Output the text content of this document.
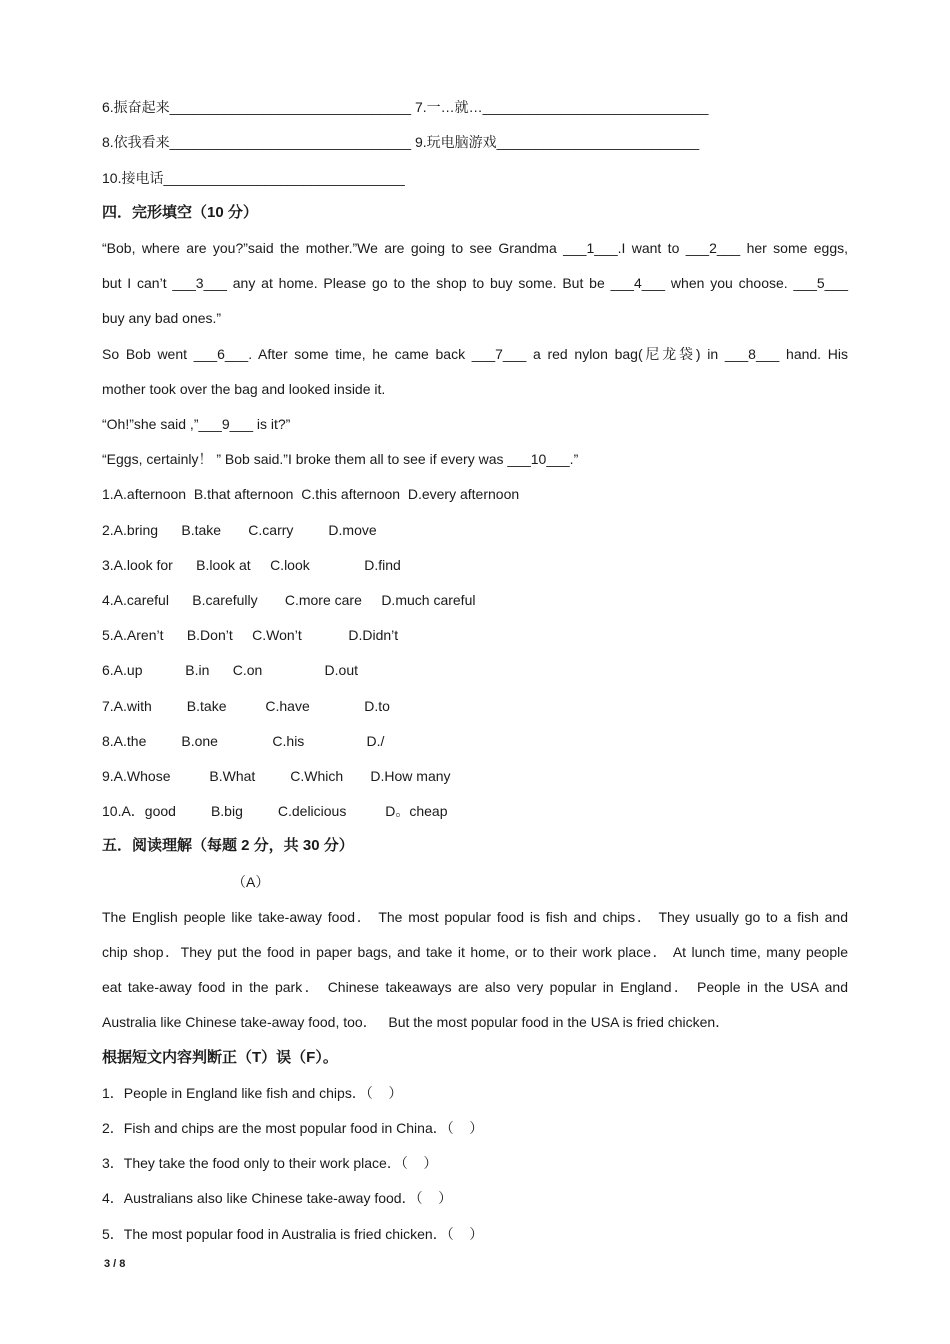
6.振奋起来_______________________________ 7.一…就…_____________________________
8.依我看来_______________________________ 9.玩电脑游戏__________________________
10.接电话_______________________________
四．完形填空（10 分）
“Bob, where are you?”said the mother.”We are going to see Grandma ___1___.I want to ___2___ her some eggs,
but I can’t ___3___ any at home. Please go to the shop to buy some. But be ___4___ when you choose. ___5___
buy any bad ones.”
So Bob went ___6___. After some time, he came back ___7___ a red nylon bag(尼龙袋) in ___8___ hand. His
mother took over the bag and looked inside it.
“Oh!”she said ,”___9___ is it?”
“Eggs, certainly！ ” Bob said.”I broke them all to see if every was ___10___.”
1.A.afternoon  B.that afternoon  C.this afternoon  D.every afternoon
2.A.bring      B.take       C.carry         D.move
3.A.look for      B.look at     C.look              D.find
4.A.careful      B.carefully       C.more care     D.much careful
5.A.Aren’t      B.Don’t     C.Won’t            D.Didn’t
6.A.up           B.in      C.on                D.out
7.A.with         B.take          C.have              D.to
8.A.the         B.one              C.his                D./
9.A.Whose          B.What         C.Which       D.How many
10.A．good         B.big         C.delicious          D。cheap
五．阅读理解（每题 2 分，共 30 分）
（A）
The English people like take-away food． The most popular food is fish and chips． They usually go to a fish and
chip shop．They put the food in paper bags, and take it home, or to their work place． At lunch time, many people
eat take-away food in the park． Chinese takeaways are also very popular in England． People in the USA and
Australia like Chinese take-away food, too．   But the most popular food in the USA is fried chicken．
根据短文内容判断正（T）误（F）。
1．People in England like fish and chips．（    ）
2．Fish and chips are the most popular food in China．（    ）
3．They take the food only to their work place．（    ）
4．Australians also like Chinese take-away food．（    ）
5．The most popular food in Australia is fried chicken．（    ）
3 / 8
